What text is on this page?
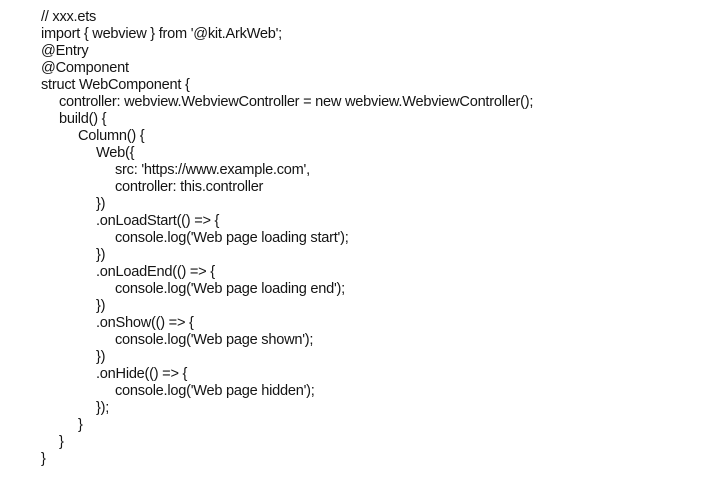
// xxx.ets
import { webview } from '@kit.ArkWeb';
@Entry
@Component
struct WebComponent {
controller: webview.WebviewController = new webview.WebviewController();
build() {
Column() {
Web({
src: 'https://www.example.com',
controller: this.controller
})
.onLoadStart(() => {
console.log('Web page loading start');
})
.onLoadEnd(() => {
console.log('Web page loading end');
})
.onShow(() => {
console.log('Web page shown');
})
.onHide(() => {
console.log('Web page hidden');
});
}
}
}
